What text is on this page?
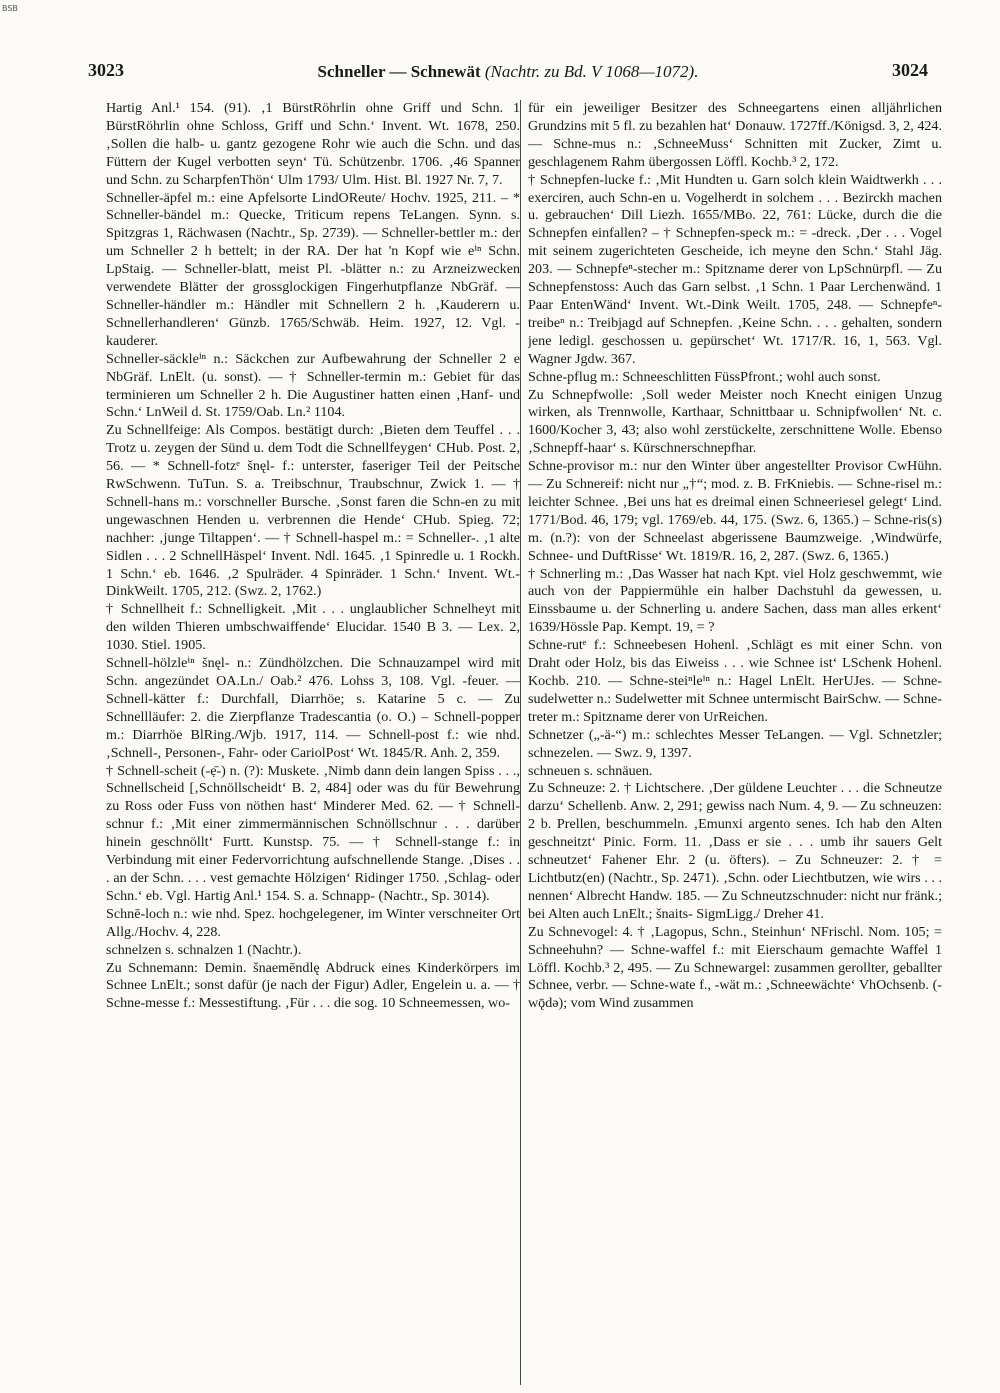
BSB
3023	Schneller — Schnewät (Nachtr. zu Bd. V 1068—1072).	3024

Hartig Anl.¹ 154. (91). ‚1 BürstRöhrlin ohne Griff und Schn. 1 BürstRöhrlin ohne Schloss, Griff und Schn.‘ Invent. Wt. 1678, 250. ‚Sollen die halb- u. gantz gezogene Rohr wie auch die Schn. und das Füttern der Kugel verbotten seyn‘ Tü. Schützenbr. 1706. ‚46 Spanner und Schn. zu ScharpfenThön‘ Ulm 1793/ Ulm. Hist. Bl. 1927 Nr. 7, 7.

Schneller-äpfel m.: eine Apfelsorte LindOReute/ Hochv. 1925, 211. – * Schneller-bändel m.: Quecke, Triticum repens TeLangen. Synn. s. Spitzgras 1, Rächwasen (Nachtr., Sp. 2739). — Schneller-bettler m.: der um Schneller 2 h bettelt; in der RA. Der hat 'n Kopf wie eⁱⁿ Schn. LpStaig. — Schneller-blatt, meist Pl. -blätter n.: zu Arzneizwecken verwendete Blätter der grossglockigen Fingerhutpflanze NbGräf. — Schneller-händler m.: Händler mit Schnellern 2 h. ‚Kauderern u. Schnellerhandleren‘ Günzb. 1765/Schwäb. Heim. 1927, 12. Vgl. -kauderer.

Schneller-säckleⁱⁿ n.: Säckchen zur Aufbewahrung der Schneller 2 e NbGräf. LnElt. (u. sonst). — † Schneller-termin m.: Gebiet für das terminieren um Schneller 2 h. Die Augustiner hatten einen ‚Hanf- und Schn.‘ LnWeil d. St. 1759/Oab. Ln.² 1104.

Zu Schnellfeige: Als Compos. bestätigt durch: ‚Bieten dem Teuffel . . . Trotz u. zeygen der Sünd u. dem Todt die Schnellfeygen‘ CHub. Post. 2, 56. — * Schnell-fotzᵉ šnęl- f.: unterster, faseriger Teil der Peitsche RwSchwenn. TuTun. S. a. Treibschnur, Traubschnur, Zwick 1. — † Schnell-hans m.: vorschneller Bursche. ‚Sonst faren die Schn-en zu mit ungewaschnen Henden u. verbrennen die Hende‘ CHub. Spieg. 72; nachher: ‚junge Tiltappen‘. — † Schnell-haspel m.: = Schneller-. ‚1 alte Sidlen . . . 2 SchnellHäspel‘ Invent. Ndl. 1645. ‚1 Spinredle u. 1 Rockh. 1 Schn.‘ eb. 1646. ‚2 Spulräder. 4 Spinräder. 1 Schn.‘ Invent. Wt.-DinkWeilt. 1705, 212. (Swz. 2, 1762.)

† Schnellheit f.: Schnelligkeit. ‚Mit . . . unglaublicher Schnelheyt mit den wilden Thieren umbschwaiffende‘ Elucidar. 1540 B 3. — Lex. 2, 1030. Stiel. 1905.

Schnell-hölzleⁱⁿ šnęl- n.: Zündhölzchen. Die Schnauzampel wird mit Schn. angezündet OA.Ln./ Oab.² 476. Lohss 3, 108. Vgl. -feuer. — Schnell-kätter f.: Durchfall, Diarrhöe; s. Katarine 5 c. — Zu Schnellläufer: 2. die Zierpflanze Tradescantia (o. O.) – Schnell-popper m.: Diarrhöe BlRing./Wjb. 1917, 114. — Schnell-post f.: wie nhd. ‚Schnell-, Personen-, Fahr- oder CariolPost‘ Wt. 1845/R. Anh. 2, 359.

† Schnell-scheit (-ẹ̄-) n. (?): Muskete. ‚Nimb dann dein langen Spiss . . ., Schnellscheid [‚Schnöllscheidt‘ B. 2, 484] oder was du für Bewehrung zu Ross oder Fuss von nöthen hast‘ Minderer Med. 62. — † Schnell-schnur f.: ‚Mit einer zimmermännischen Schnöllschnur . . . darüber hinein geschnöllt‘ Furtt. Kunstsp. 75. — † Schnell-stange f.: in Verbindung mit einer Federvorrichtung aufschnellende Stange. ‚Dises . . . an der Schn. . . . vest gemachte Hölzigen‘ Ridinger 1750. ‚Schlag- oder Schn.‘ eb. Vgl. Hartig Anl.¹ 154. S. a. Schnapp- (Nachtr., Sp. 3014).

Schnē-loch n.: wie nhd. Spez. hochgelegener, im Winter verschneiter Ort Allg./Hochv. 4, 228.

schnelzen s. schnalzen 1 (Nachtr.).

Zu Schnemann: Demin. šnaemēndlę Abdruck eines Kinderkörpers im Schnee LnElt.; sonst dafür (je nach der Figur) Adler, Engelein u. a. — † Schne-messe f.: Messestiftung. ‚Für . . . die sog. 10 Schneemessen, wo-

für ein jeweiliger Besitzer des Schneegartens einen alljährlichen Grundzins mit 5 fl. zu bezahlen hat‘ Donauw. 1727ff./Königsd. 3, 2, 424. — Schne-mus n.: ‚SchneeMuss‘ Schnitten mit Zucker, Zimt u. geschlagenem Rahm übergossen Löffl. Kochb.³ 2, 172.

† Schnepfen-lucke f.: ‚Mit Hundten u. Garn solch klein Waidtwerkh . . . exerciren, auch Schn-en u. Vogelherdt in solchem . . . Bezirckh machen u. gebrauchen‘ Dill Liezh. 1655/MBo. 22, 761: Lücke, durch die die Schnepfen einfallen? – † Schnepfen-speck m.: = -dreck. ‚Der . . . Vogel mit seinem zugerichteten Gescheide, ich meyne den Schn.‘ Stahl Jäg. 203. — Schnepfeⁿ-stecher m.: Spitzname derer von LpSchnürpfl. — Zu Schnepfenstoss: Auch das Garn selbst. ‚1 Schn. 1 Paar Lerchenwänd. 1 Paar EntenWänd‘ Invent. Wt.-Dink Weilt. 1705, 248. — Schnepfeⁿ-treibeⁿ n.: Treibjagd auf Schnepfen. ‚Keine Schn. . . . gehalten, sondern jene ledigl. geschossen u. gepürschet‘ Wt. 1717/R. 16, 1, 563. Vgl. Wagner Jgdw. 367.

Schne-pflug m.: Schneeschlitten FüssPfront.; wohl auch sonst.

Zu Schnepfwolle: ‚Soll weder Meister noch Knecht einigen Unzug wirken, als Trennwolle, Karthaar, Schnittbaar u. Schnipfwollen‘ Nt. c. 1600/Kocher 3, 43; also wohl zerstückelte, zerschnittene Wolle. Ebenso ‚Schnepff-haar‘ s. Kürschnerschnepfhar.

Schne-provisor m.: nur den Winter über angestellter Provisor CwHühn. — Zu Schnereif: nicht nur „†“; mod. z. B. FrKniebis. — Schne-risel m.: leichter Schnee. ‚Bei uns hat es dreimal einen Schneeriesel gelegt‘ Lind. 1771/Bod. 46, 179; vgl. 1769/eb. 44, 175. (Swz. 6, 1365.) – Schne-ris(s) m. (n.?): von der Schneelast abgerissene Baumzweige. ‚Windwürfe, Schnee- und DuftRisse‘ Wt. 1819/R. 16, 2, 287. (Swz. 6, 1365.)

† Schnerling m.: ‚Das Wasser hat nach Kpt. viel Holz geschwemmt, wie auch von der Pappiermühle ein halber Dachstuhl da gewessen, u. Einssbaume u. der Schnerling u. andere Sachen, dass man alles erkent‘ 1639/Hössle Pap. Kempt. 19, = ?

Schne-rutᵉ f.: Schneebesen Hohenl. ‚Schlägt es mit einer Schn. von Draht oder Holz, bis das Eiweiss . . . wie Schnee ist‘ LSchenk Hohenl. Kochb. 210. — Schne-steiⁿleⁱⁿ n.: Hagel LnElt. HerUJes. — Schne-sudelwetter n.: Sudelwetter mit Schnee untermischt BairSchw. — Schne-treter m.: Spitzname derer von UrReichen.

Schnetzer („-ä-“) m.: schlechtes Messer TeLangen. — Vgl. Schnetzler; schnezelen. — Swz. 9, 1397.

schneuen s. schnäuen.

Zu Schneuze: 2. † Lichtschere. ‚Der güldene Leuchter . . . die Schneutze darzu‘ Schellenb. Anw. 2, 291; gewiss nach Num. 4, 9. — Zu schneuzen: 2 b. Prellen, beschummeln. ‚Emunxi argento senes. Ich hab den Alten geschneitzt‘ Pinic. Form. 11. ‚Dass er sie . . . umb ihr sauers Gelt schneutzet‘ Fahener Ehr. 2 (u. öfters). – Zu Schneuzer: 2. † = Lichtbutz(en) (Nachtr., Sp. 2471). ‚Schn. oder Liechtbutzen, wie wirs . . . nennen‘ Albrecht Handw. 185. — Zu Schneutzschnuder: nicht nur fränk.; bei Alten auch LnElt.; šnaits- SigmLigg./ Dreher 41.

Zu Schnevogel: 4. † ‚Lagopus, Schn., Steinhun‘ NFrischl. Nom. 105; = Schneehuhn? — Schne-waffel f.: mit Eierschaum gemachte Waffel 1 Löffl. Kochb.³ 2, 495. — Zu Schnewargel: zusammen gerollter, geballter Schnee, verbr. — Schne-wate f., -wät m.: ‚Schneewächte‘ VhOchsenb. (-wǭdə); vom Wind zusammen
